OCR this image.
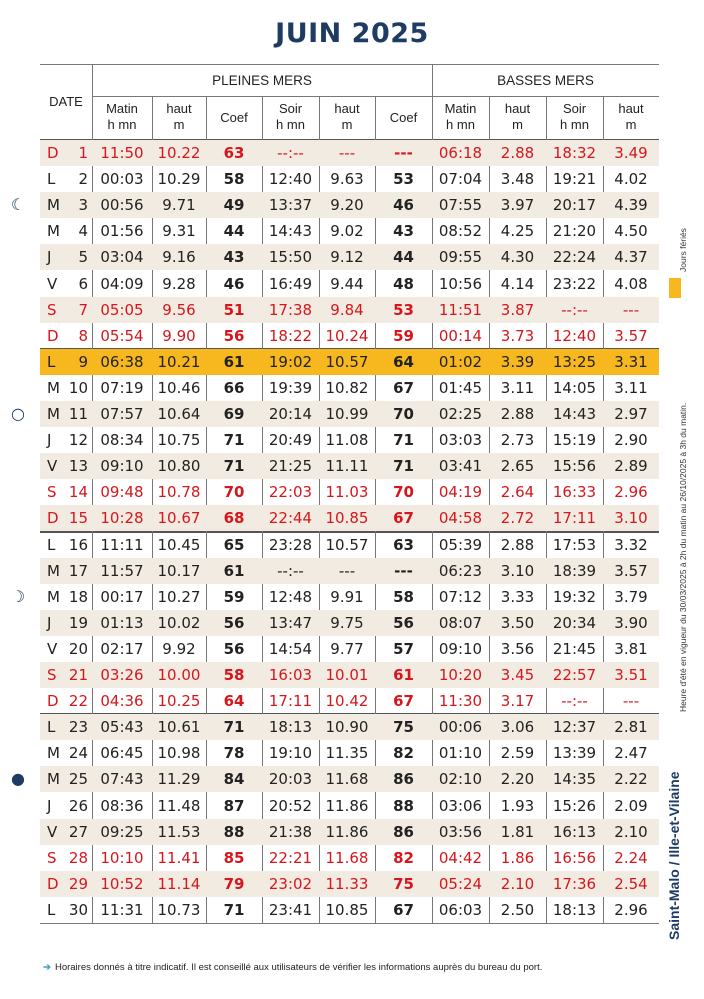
JUIN 2025
DATE
PLEINES MERS	BASSES MERS
Matin
h mn
haut
m	Coef
Soir
h mn
haut
m	Coef
Matin
h mn
haut
m
Soir
h mn
haut
m
D	1 11:50 10.22	63	--:--	---	---	06:18	2.88	18:32	3.49
L	2 00:03 10.29	58	12:40	9.63	53	07:04	3.48	19:21	4.02
M	3 00:56	9.71	49	13:37	9.20	46	07:55	3.97	20:17	4.39
M	4 01:56	9.31	44	14:43	9.02	43	08:52	4.25	21:20	4.50
J	5 03:04	9.16	43	15:50	9.12	44	09:55	4.30	22:24	4.37
V	6 04:09	9.28	46	16:49	9.44	48	10:56	4.14	23:22	4.08
S	7 05:05	9.56	51	17:38	9.84	53	11:51	3.87	--:--	---
D	8 05:54	9.90	56	18:22 10.24	59	00:14	3.73	12:40	3.57
L	9 06:38 10.21	61	19:02 10.57	64	01:02	3.39	13:25	3.31
M 10 07:19 10.46	66	19:39 10.82	67	01:45	3.11	14:05	3.11
M 11 07:57 10.64	69	20:14 10.99	70	02:25	2.88	14:43	2.97
J	12 08:34 10.75	71	20:49 11.08	71	03:03	2.73	15:19	2.90
V 13 09:10 10.80	71	21:25 11.11	71	03:41	2.65	15:56	2.89
S 14 09:48 10.78	70	22:03 11.03	70	04:19	2.64	16:33	2.96
D 15 10:28 10.67	68	22:44 10.85	67	04:58	2.72	17:11	3.10
L 16 11:11 10.45	65	23:28 10.57	63	05:39	2.88	17:53	3.32
M 17 11:57 10.17	61	--:--	---	---	06:23	3.10	18:39	3.57
M 18 00:17 10.27	59	12:48	9.91	58	07:12	3.33	19:32	3.79
J	19 01:13 10.02	56	13:47	9.75	56	08:07	3.50	20:34	3.90
V 20 02:17	9.92	56	14:54	9.77	57	09:10	3.56	21:45	3.81
S 21 03:26 10.00	58	16:03 10.01	61	10:20	3.45	22:57	3.51
D 22 04:36 10.25	64	17:11 10.42	67	11:30	3.17	--:--	---
L 23 05:43 10.61	71	18:13 10.90	75	00:06	3.06	12:37	2.81
M 24 06:45 10.98	78	19:10 11.35	82	01:10	2.59	13:39	2.47
M 25 07:43 11.29	84	20:03 11.68	86	02:10	2.20	14:35	2.22
J	26 08:36 11.48	87	20:52 11.86	88	03:06	1.93	15:26	2.09
V 27 09:25 11.53	88	21:38 11.86	86	03:56	1.81	16:13	2.10
S 28 10:10 11.41	85	22:21 11.68	82	04:42	1.86	16:56	2.24
D 29 10:52 11.14	79	23:02 11.33	75	05:24	2.10	17:36	2.54
L 30 11:31 10.73	71	23:41 10.85	67	06:03	2.50	18:13	2.96
☾
○
☽
●	Saint-Malo / Ille-et-Vilaine
Heure d'été en vigueur du 30/03/2025 à 2h du matin au 26/10/2025 à 3h du matin.
Jours fériés
➔ Horaires donnés à titre indicatif. Il est conseillé aux utilisateurs de vérifier les informations auprès du bureau du port.
